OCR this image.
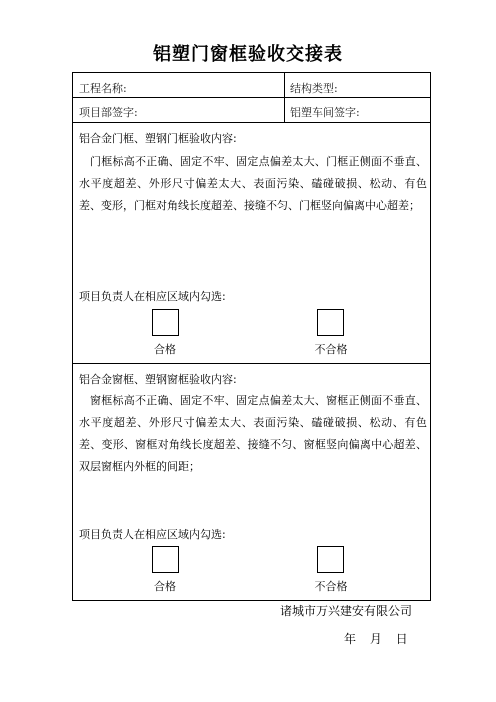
铝塑门窗框验收交接表
工程名称:	结构类型:
项目部签字:	铝塑车间签字:
铝合金门框、塑钢门框验收内容:
门框标高不正确、固定不牢、固定点偏差太大、门框正侧面不垂直、水平度超差、外形尺寸偏差太大、表面污染、磕碰破损、松动、有色差、变形，门框对角线长度超差、接缝不匀、门框竖向偏离中心超差；
项目负责人在相应区域内勾选:
合格	不合格
铝合金窗框、塑钢窗框验收内容:
窗框标高不正确、固定不牢、固定点偏差太大、窗框正侧面不垂直、水平度超差、外形尺寸偏差太大、表面污染、磕碰破损、松动、有色差、变形、窗框对角线长度超差、接缝不匀、窗框竖向偏离中心超差、双层窗框内外框的间距；
项目负责人在相应区域内勾选:
合格	不合格
诸城市万兴建安有限公司
年 月 日
